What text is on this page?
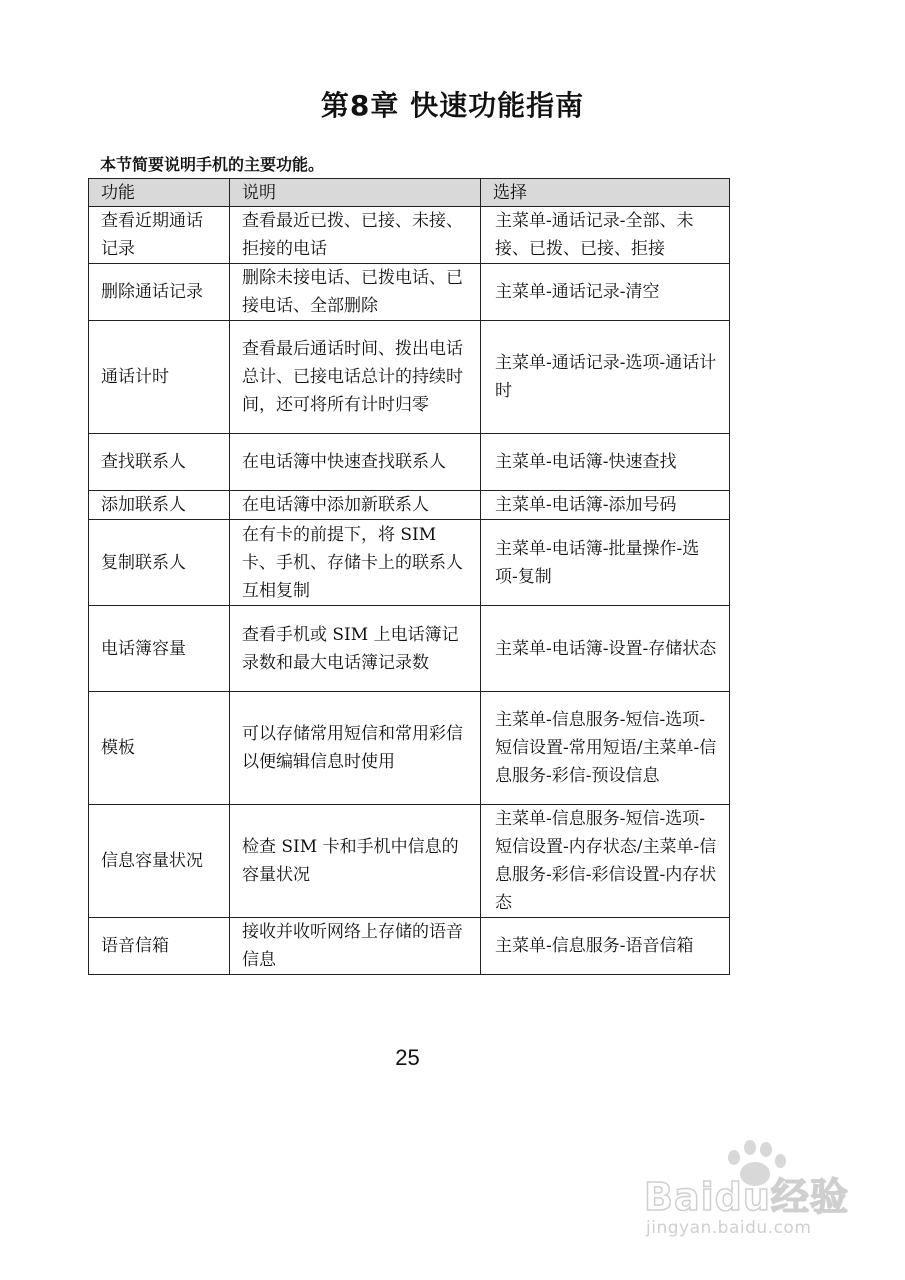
第8章 快速功能指南
本节简要说明手机的主要功能。
功能	说明	选择
查看近期通话记录	查看最近已拨、已接、未接、拒接的电话	主菜单-通话记录-全部、未接、已拨、已接、拒接
删除通话记录	删除未接电话、已拨电话、已接电话、全部删除	主菜单-通话记录-清空
通话计时	查看最后通话时间、拨出电话总计、已接电话总计的持续时间，还可将所有计时归零	主菜单-通话记录-选项-通话计时
查找联系人	在电话簿中快速查找联系人	主菜单-电话簿-快速查找
添加联系人	在电话簿中添加新联系人	主菜单-电话簿-添加号码
复制联系人	在有卡的前提下，将 SIM 卡、手机、存储卡上的联系人互相复制	主菜单-电话簿-批量操作-选项-复制
电话簿容量	查看手机或 SIM 上电话簿记录数和最大电话簿记录数	主菜单-电话簿-设置-存储状态
模板	可以存储常用短信和常用彩信以便编辑信息时使用	主菜单-信息服务-短信-选项-短信设置-常用短语/主菜单-信息服务-彩信-预设信息
信息容量状况	检查 SIM 卡和手机中信息的容量状况	主菜单-信息服务-短信-选项-短信设置-内存状态/主菜单-信息服务-彩信-彩信设置-内存状态
语音信箱	接收并收听网络上存储的语音信息	主菜单-信息服务-语音信箱
25
Baidu经验
jingyan.baidu.com
